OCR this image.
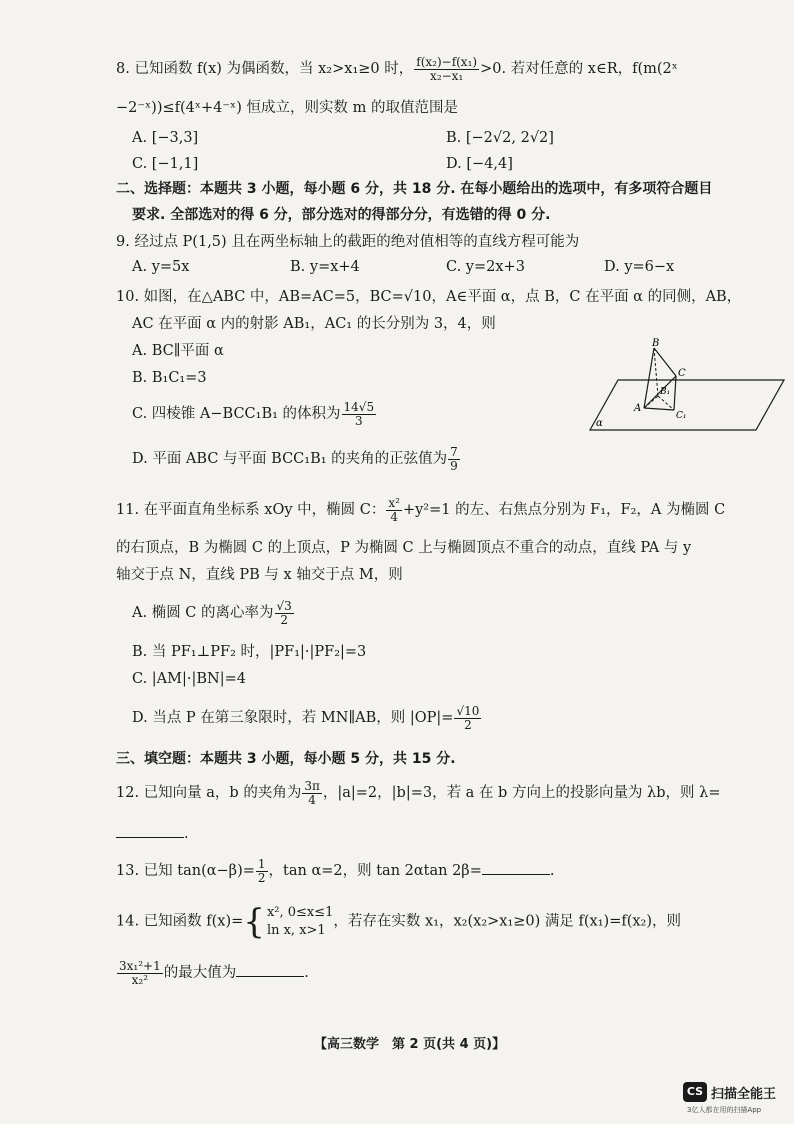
8. 已知函数 f(x) 为偶函数，当 x₂>x₁≥0 时， $\frac{\text{f(x₂)−f(x₁)}}{\text{x₂−x₁}} >0$. 若对任意的 x∈R，f(m(2ˣ
−2⁻ˣ))≤f(4ˣ+4⁻ˣ) 恒成立，则实数 m 的取值范围是
A. [−3,3]	B. [−2√2, 2√2]
C. [−1,1]	D. [−4,4]
二、选择题：本题共 3 小题，每小题 6 分，共 18 分. 在每小题给出的选项中，有多项符合题目
要求. 全部选对的得 6 分，部分选对的得部分分，有选错的得 0 分.
9. 经过点 P(1,5) 且在两坐标轴上的截距的绝对值相等的直线方程可能为
A. y=5x	B. y=x+4	C. y=2x+3	D. y=6−x
10. 如图，在△ABC 中，AB=AC=5，BC=√10，A∈平面 α，点 B，C 在平面 α 的同侧，AB，
AC 在平面 α 内的射影 AB₁，AC₁ 的长分别为 3，4，则
A. BC∥平面 α
B. B₁C₁=3
C. 四棱锥 A−BCC₁B₁ 的体积为 $\frac{14√5}{3}$
D. 平面 ABC 与平面 BCC₁B₁ 的夹角的正弦值为 $\frac{7}{9}$
B
C
A
B₁
C₁
α
11. 在平面直角坐标系 xOy 中，椭圆 C： $\frac{\text{x²}}{4} +y^2=1$ 的左、右焦点分别为 F₁，F₂，A 为椭圆 C
的右顶点，B 为椭圆 C 的上顶点，P 为椭圆 C 上与椭圆顶点不重合的动点，直线 PA 与 y
轴交于点 N，直线 PB 与 x 轴交于点 M，则
A. 椭圆 C 的离心率为 $\frac{√3}{2}$
B. 当 PF₁⊥PF₂ 时，|PF₁|·|PF₂|=3
C. |AM|·|BN|=4
D. 当点 P 在第三象限时，若 MN∥AB，则 $|OP|= \frac{√10}{2}$
三、填空题：本题共 3 小题，每小题 5 分，共 15 分.
12. 已知向量 a，b 的夹角为 $\frac{3\pi}{4}$ ，|a|=2，|b|=3，若 a 在 b 方向上的投影向量为 λb，则 λ=
.
13. 已知 $\tan(\alpha-\beta)= \frac{1}{2}$ ，tan α=2，则 tan 2αtan 2β=	.
14. 已知函数 f(x)= { x², 0≤x≤1
ln x, x>1
，若存在实数 x₁，x₂(x₂>x₁≥0) 满足 f(x₁)=f(x₂)，则
$\frac{\text{3x₁²+1}}{\text{x₂²}}$ 的最大值为	.
【高三数学　第 2 页(共 4 页)】
CS 扫描全能王
3亿人都在用的扫描App
